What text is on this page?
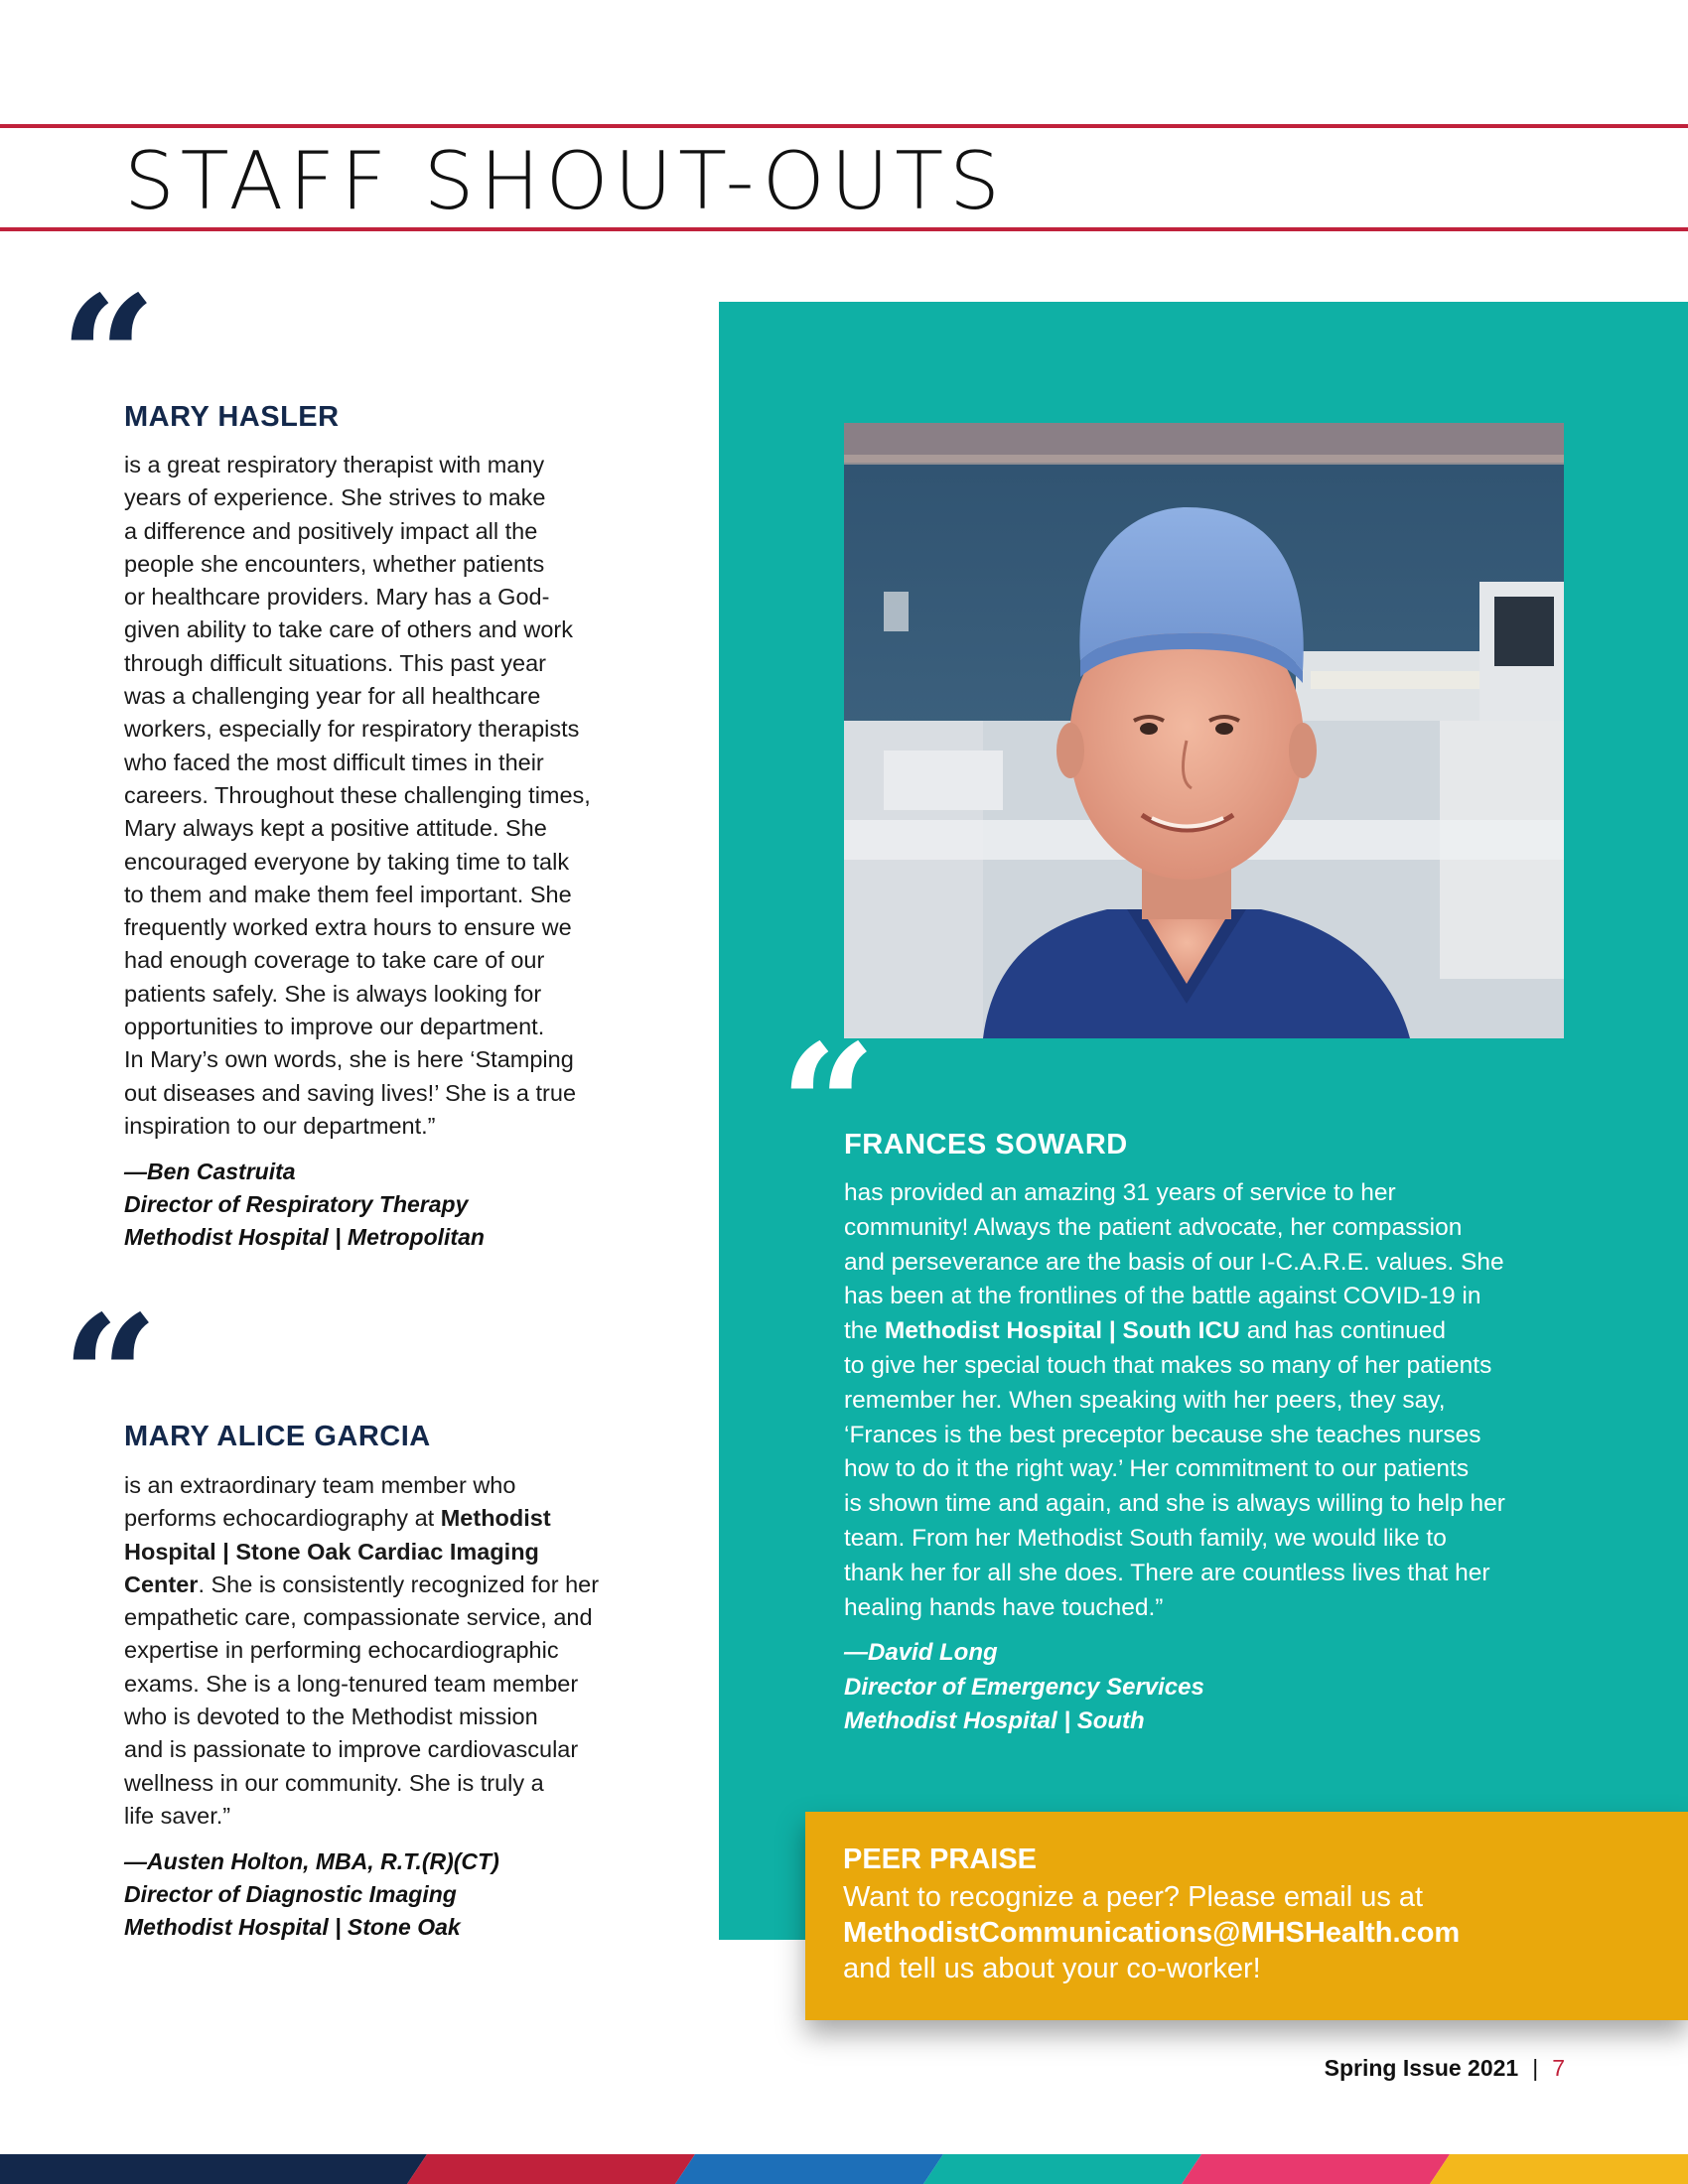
STAFF SHOUT-OUTS
“
MARY HASLER
is a great respiratory therapist with many
years of experience. She strives to make
a difference and positively impact all the
people she encounters, whether patients
or healthcare providers. Mary has a God-
given ability to take care of others and work
through difficult situations. This past year
was a challenging year for all healthcare
workers, especially for respiratory therapists
who faced the most difficult times in their
careers. Throughout these challenging times,
Mary always kept a positive attitude. She
encouraged everyone by taking time to talk
to them and make them feel important. She
frequently worked extra hours to ensure we
had enough coverage to take care of our
patients safely. She is always looking for
opportunities to improve our department.
In Mary’s own words, she is here ‘Stamping
out diseases and saving lives!’ She is a true
inspiration to our department.”
—Ben Castruita
Director of Respiratory Therapy
Methodist Hospital | Metropolitan
“
MARY ALICE GARCIA
is an extraordinary team member who
performs echocardiography at Methodist
Hospital | Stone Oak Cardiac Imaging
Center. She is consistently recognized for her
empathetic care, compassionate service, and
expertise in performing echocardiographic
exams. She is a long-tenured team member
who is devoted to the Methodist mission
and is passionate to improve cardiovascular
wellness in our community. She is truly a
life saver.”
—Austen Holton, MBA, R.T.(R)(CT)
Director of Diagnostic Imaging
Methodist Hospital | Stone Oak
“
FRANCES SOWARD
has provided an amazing 31 years of service to her
community! Always the patient advocate, her compassion
and perseverance are the basis of our I-C.A.R.E. values. She
has been at the frontlines of the battle against COVID-19 in
the Methodist Hospital | South ICU and has continued
to give her special touch that makes so many of her patients
remember her. When speaking with her peers, they say,
‘Frances is the best preceptor because she teaches nurses
how to do it the right way.’ Her commitment to our patients
is shown time and again, and she is always willing to help her
team. From her Methodist South family, we would like to
thank her for all she does. There are countless lives that her
healing hands have touched.”
—David Long
Director of Emergency Services
Methodist Hospital | South
PEER PRAISE
Want to recognize a peer? Please email us at
MethodistCommunications@MHSHealth.com
and tell us about your co-worker!
Spring Issue 2021 | 7
